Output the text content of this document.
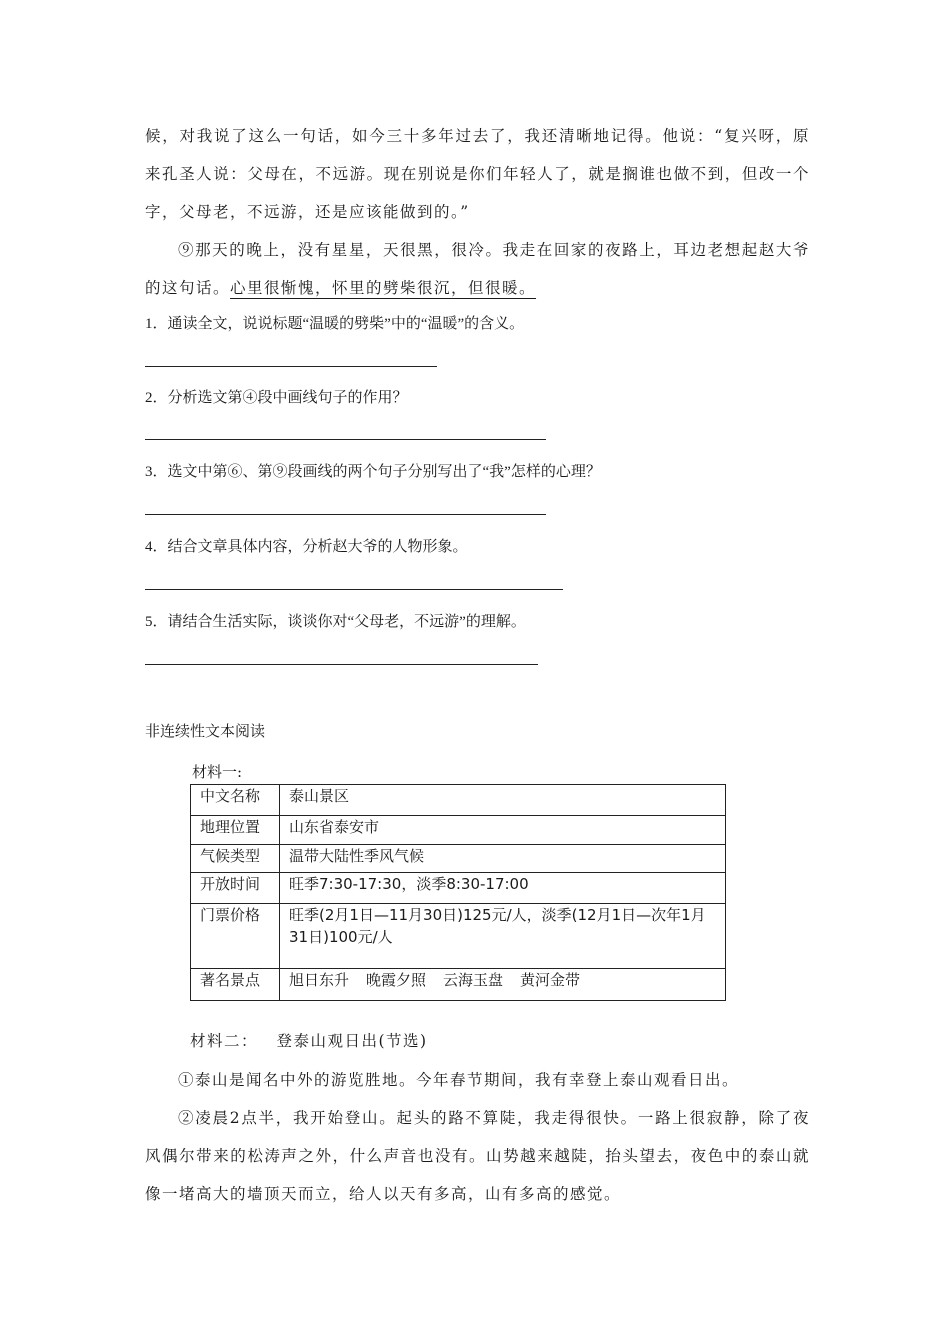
候，对我说了这么一句话，如今三十多年过去了，我还清晰地记得。他说：“复兴呀，原来孔圣人说：父母在，不远游。现在别说是你们年轻人了，就是搁谁也做不到，但改一个字，父母老，不远游，还是应该能做到的。”

⑨那天的晚上，没有星星，天很黑，很冷。我走在回家的夜路上，耳边老想起赵大爷的这句话。心里很惭愧，怀里的劈柴很沉，但很暖。

1．通读全文，说说标题“温暖的劈柴”中的“温暖”的含义。

2．分析选文第④段中画线句子的作用？

3．选文中第⑥、第⑨段画线的两个句子分别写出了“我”怎样的心理？

4．结合文章具体内容，分析赵大爷的人物形象。

5．请结合生活实际，谈谈你对“父母老，不远游”的理解。

非连续性文本阅读

材料一:

中文名称	泰山景区
地理位置	山东省泰安市
气候类型	温带大陆性季风气候
开放时间	旺季7:30-17:30，淡季8:30-17:00
门票价格	旺季(2月1日—11月30日)125元/人，淡季(12月1日—次年1月31日)100元/人
著名景点	旭日东升 晚霞夕照 云海玉盘 黄河金带

材料二： 登泰山观日出(节选)

①泰山是闻名中外的游览胜地。今年春节期间，我有幸登上泰山观看日出。

②凌晨2点半，我开始登山。起头的路不算陡，我走得很快。一路上很寂静，除了夜风偶尔带来的松涛声之外，什么声音也没有。山势越来越陡，抬头望去，夜色中的泰山就像一堵高大的墙顶天而立，给人以天有多高，山有多高的感觉。
